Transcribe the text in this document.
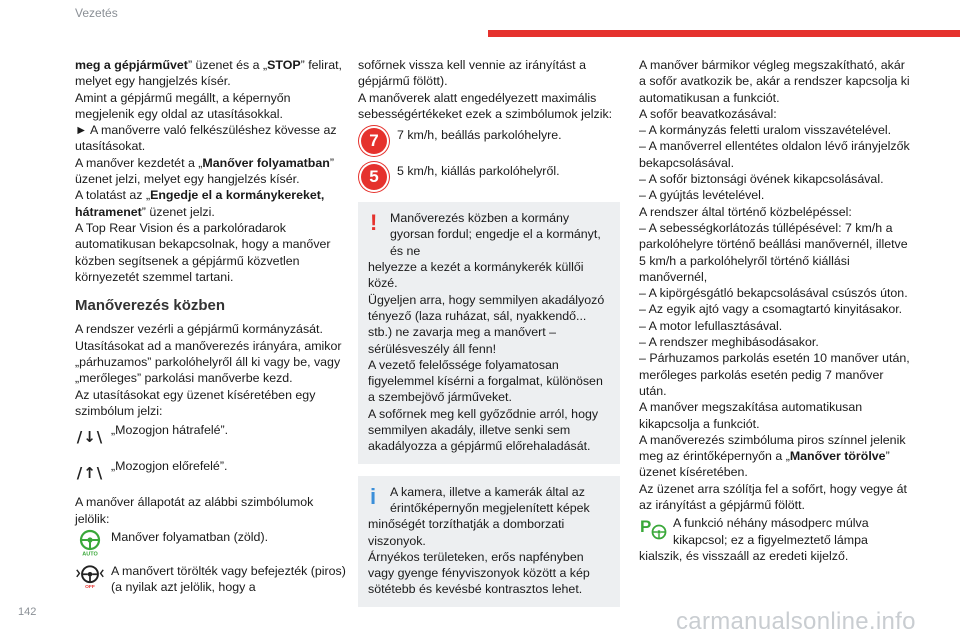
Vezetés

meg a gépjárművet” üzenet és a „STOP” felirat, melyet egy hangjelzés kísér.

Amint a gépjármű megállt, a képernyőn megjelenik egy oldal az utasításokkal.

► A manőverre való felkészüléshez kövesse az utasításokat.

A manőver kezdetét a „Manőver folyamatban” üzenet jelzi, melyet egy hangjelzés kísér.

A tolatást az „Engedje el a kormánykereket, hátramenet” üzenet jelzi.

A Top Rear Vision és a parkolóradarok automatikusan bekapcsolnak, hogy a manőver közben segítsenek a gépjármű közvetlen környezetét szemmel tartani.

Manőverezés közben

A rendszer vezérli a gépjármű kormányzását.

Utasításokat ad a manőverezés irányára, amikor „párhuzamos” parkolóhelyről áll ki vagy be, vagy „merőleges” parkolási manőverbe kezd.

Az utasításokat egy üzenet kíséretében egy szimbólum jelzi:

/↓\ „Mozogjon hátrafelé”.
/↑\ „Mozogjon előrefelé”.

A manőver állapotát az alábbi szimbólumok jelölik:

AUTO
Manőver folyamatban (zöld).
OFF
A manővert törölték vagy befejezték (piros) (a nyilak azt jelölik, hogy a

sofőrnek vissza kell vennie az irányítást a gépjármű fölött).

A manőverek alatt engedélyezett maximális sebességértékeket ezek a szimbólumok jelzik:

7	7 km/h, beállás parkolóhelyre.
5	5 km/h, kiállás parkolóhelyről.
!	Manőverezés közben a kormány gyorsan fordul; engedje el a kormányt, és ne

helyezze a kezét a kormánykerék küllői közé.

Ügyeljen arra, hogy semmilyen akadályozó tényező (laza ruházat, sál, nyakkendő... stb.) ne zavarja meg a manővert – sérülésveszély áll fenn!

A vezető felelőssége folyamatosan figyelemmel kísérni a forgalmat, különösen a szembejövő járműveket.

A sofőrnek meg kell győződnie arról, hogy semmilyen akadály, illetve senki sem akadályozza a gépjármű előrehaladását.

i	A kamera, illetve a kamerák által az érintőképernyőn megjelenített képek

minőségét torzíthatják a domborzati viszonyok.

Árnyékos területeken, erős napfényben vagy gyenge fényviszonyok között a kép sötétebb és kevésbé kontrasztos lehet.

A manőver bármikor végleg megszakítható, akár a sofőr avatkozik be, akár a rendszer kapcsolja ki automatikusan a funkciót.

A sofőr beavatkozásával:

– A kormányzás feletti uralom visszavételével.

– A manőverrel ellentétes oldalon lévő irányjelzők bekapcsolásával.

– A sofőr biztonsági övének kikapcsolásával.

– A gyújtás levételével.

A rendszer által történő közbelépéssel:

– A sebességkorlátozás túllépésével: 7 km/h a parkolóhelyre történő beállási manővernél, illetve 5 km/h a parkolóhelyről történő kiállási manővernél,

– A kipörgésgátló bekapcsolásával csúszós úton.

– Az egyik ajtó vagy a csomagtartó kinyitásakor.

– A motor lefullasztásával.

– A rendszer meghibásodásakor.

– Párhuzamos parkolás esetén 10 manőver után, merőleges parkolás esetén pedig 7 manőver után.

A manőver megszakítása automatikusan kikapcsolja a funkciót.

A manőverezés szimbóluma piros színnel jelenik meg az érintőképernyőn a „Manőver törölve” üzenet kíséretében.

Az üzenet arra szólítja fel a sofőrt, hogy vegye át az irányítást a gépjármű fölött.

P A funkció néhány másodperc múlva kikapcsol; ez a figyelmeztető lámpa

kialszik, és visszaáll az eredeti kijelző.

142	carmanualsonline.info
